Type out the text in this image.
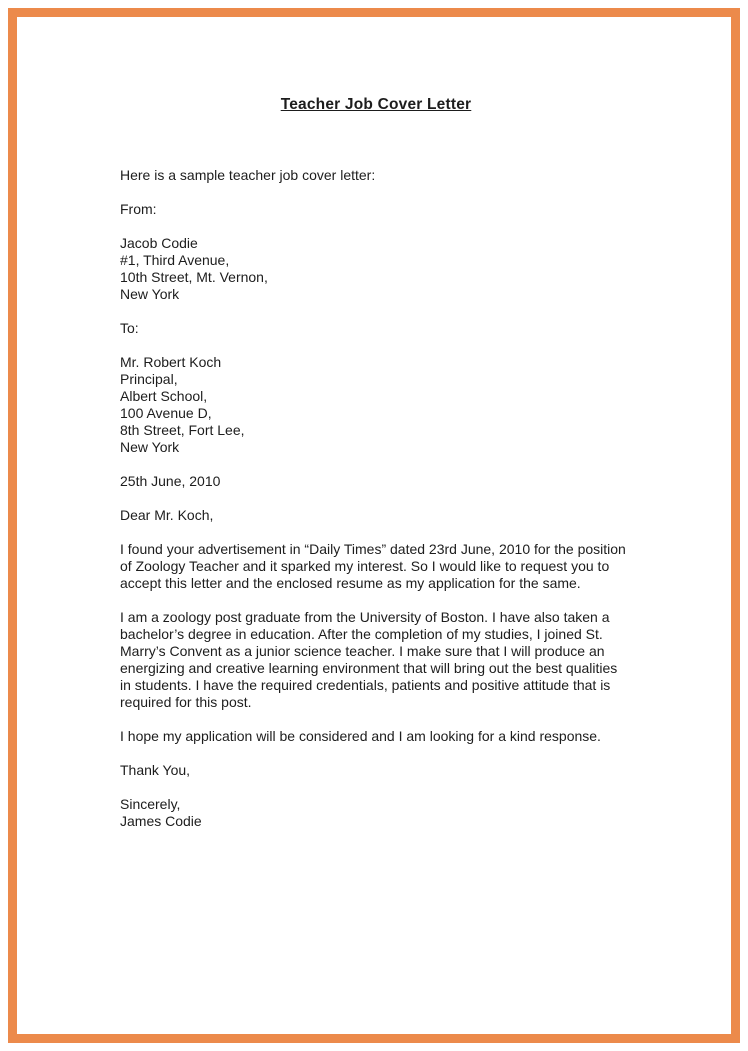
Teacher Job Cover Letter
Here is a sample teacher job cover letter:
From:
Jacob Codie
#1, Third Avenue,
10th Street, Mt. Vernon,
New York
To:
Mr. Robert Koch
Principal,
Albert School,
100 Avenue D,
8th Street, Fort Lee,
New York
25th June, 2010
Dear Mr. Koch,

I found your advertisement in “Daily Times” dated 23rd June, 2010 for the position of Zoology Teacher and it sparked my interest. So I would like to request you to accept this letter and the enclosed resume as my application for the same.

I am a zoology post graduate from the University of Boston. I have also taken a bachelor’s degree in education. After the completion of my studies, I joined St. Marry’s Convent as a junior science teacher. I make sure that I will produce an energizing and creative learning environment that will bring out the best qualities in students. I have the required credentials, patients and positive attitude that is required for this post.

I hope my application will be considered and I am looking for a kind response.

Thank You,
Sincerely,
James Codie
